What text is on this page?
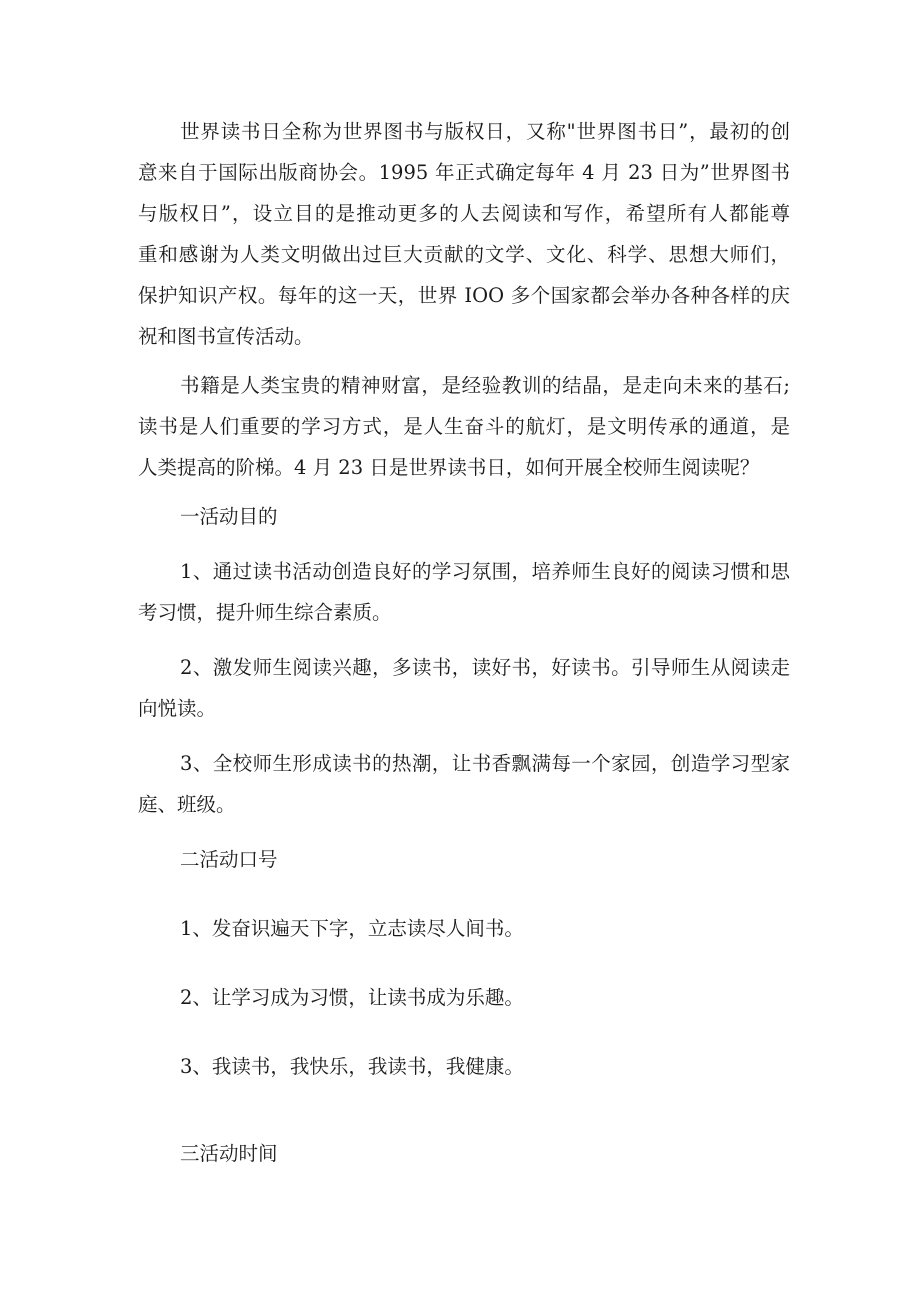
世界读书日全称为世界图书与版权日，又称"世界图书日”，最初的创
意来自于国际出版商协会。1995 年正式确定每年 4 月 23 日为”世界图书
与版权日”，设立目的是推动更多的人去阅读和写作，希望所有人都能尊
重和感谢为人类文明做出过巨大贡献的文学、文化、科学、思想大师们，
保护知识产权。每年的这一天，世界 IOO 多个国家都会举办各种各样的庆
祝和图书宣传活动。
书籍是人类宝贵的精神财富，是经验教训的结晶，是走向未来的基石;
读书是人们重要的学习方式，是人生奋斗的航灯，是文明传承的通道，是
人类提高的阶梯。4 月 23 日是世界读书日，如何开展全校师生阅读呢？
一活动目的
1、通过读书活动创造良好的学习氛围，培养师生良好的阅读习惯和思
考习惯，提升师生综合素质。
2、激发师生阅读兴趣，多读书，读好书，好读书。引导师生从阅读走
向悦读。
3、全校师生形成读书的热潮，让书香飘满每一个家园，创造学习型家
庭、班级。
二活动口号
1、发奋识遍天下字，立志读尽人间书。
2、让学习成为习惯，让读书成为乐趣。
3、我读书，我快乐，我读书，我健康。
三活动时间
